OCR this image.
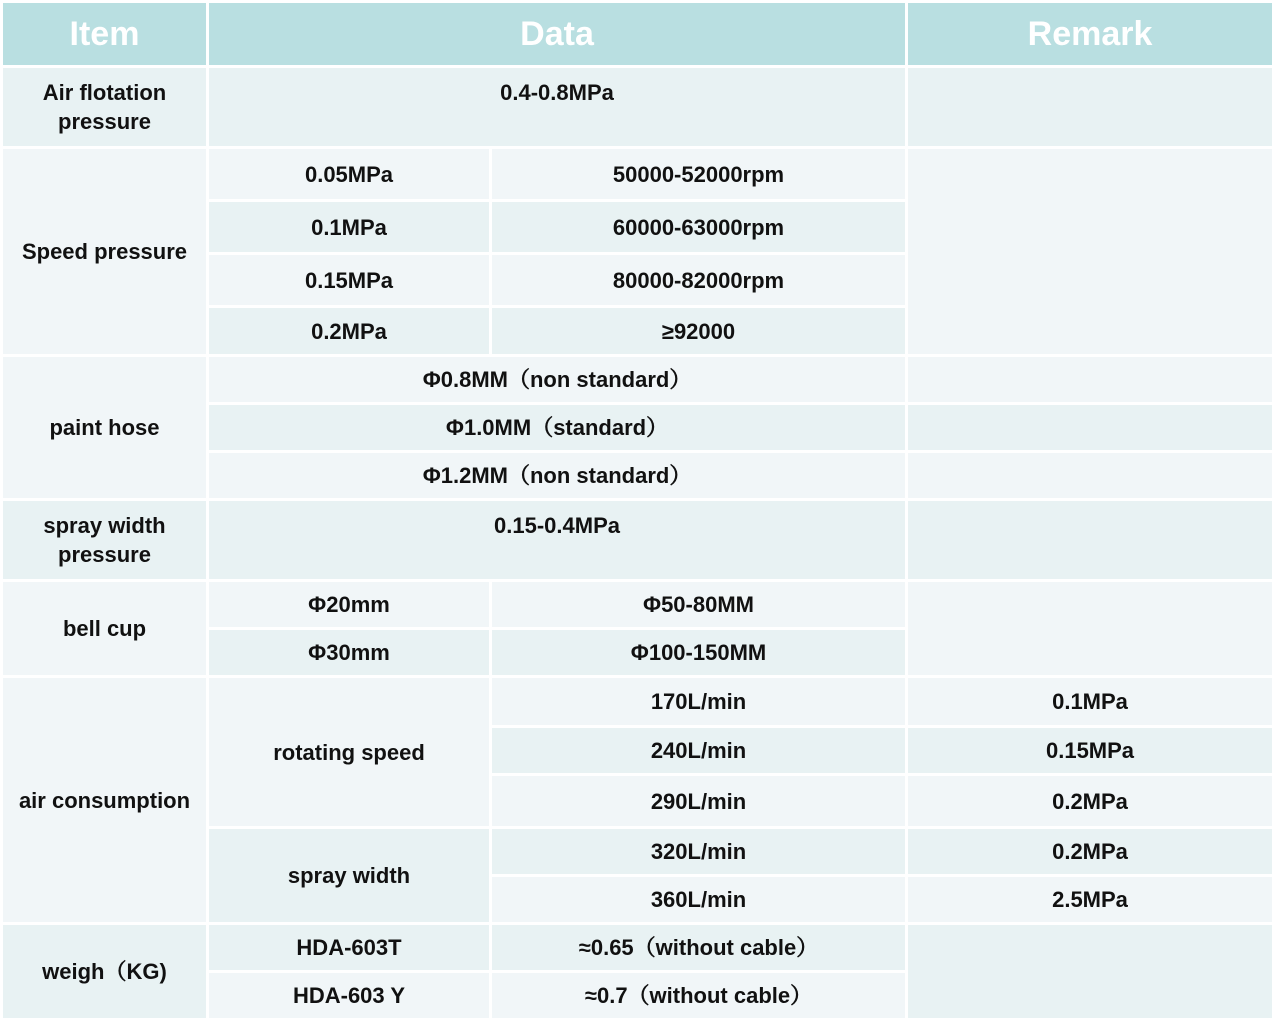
Item	Data		Remark
Air flotation pressure	0.4-0.8MPa		
Speed pressure	0.05MPa	50000-52000rpm	
	0.1MPa	60000-63000rpm	
	0.15MPa	80000-82000rpm	
	0.2MPa	≥92000	
paint hose	Φ0.8MM（non standard）		
	Φ1.0MM（standard）		
	Φ1.2MM（non standard）		
spray width pressure	0.15-0.4MPa		
bell cup	Φ20mm	Φ50-80MM	
	Φ30mm	Φ100-150MM	
air consumption	rotating speed	170L/min	0.1MPa
		240L/min	0.15MPa
		290L/min	0.2MPa
	spray width	320L/min	0.2MPa
		360L/min	2.5MPa
weigh（KG)	HDA-603T	≈0.65（without cable）	
	HDA-603 Y	≈0.7（without cable）	
